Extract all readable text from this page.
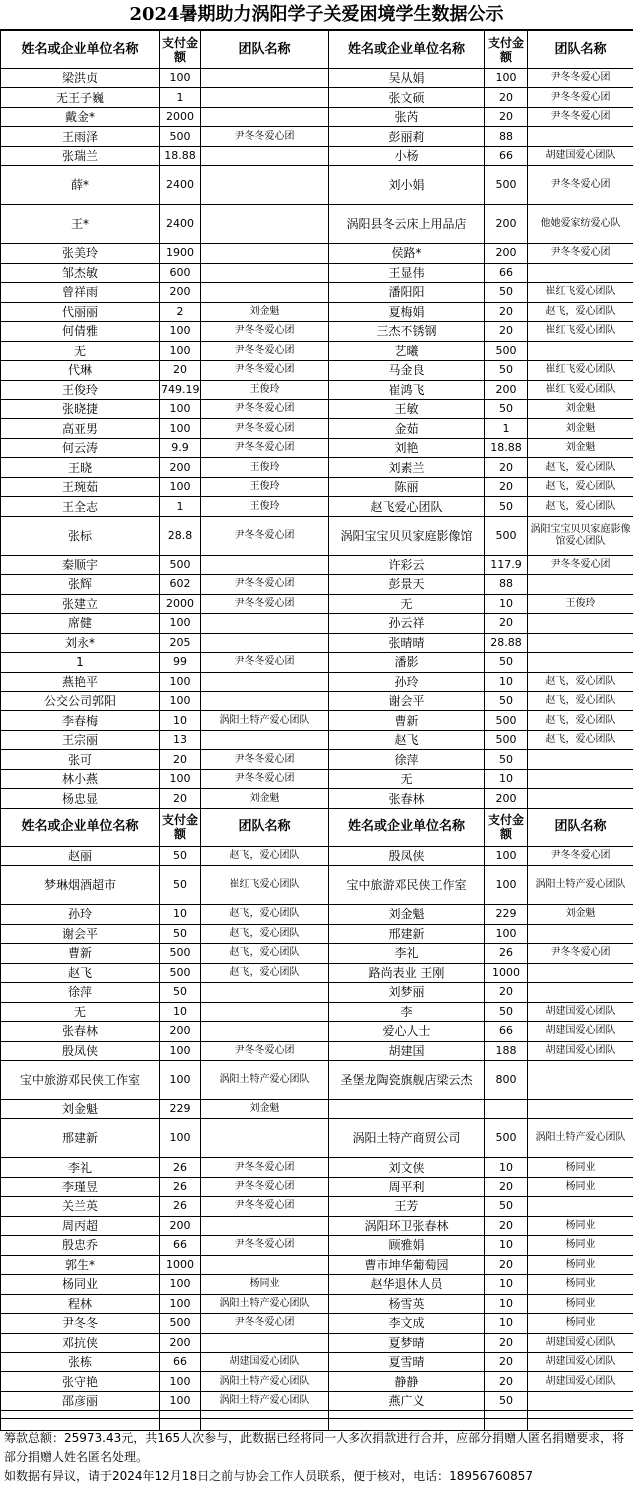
2024暑期助力涡阳学子关爱困境学生数据公示
姓名或企业单位名称	支付金额	团队名称	姓名或企业单位名称	支付金额	团队名称
梁洪贞	100		吴从娟	100	尹冬冬爱心团
无王子巍	1		张文硕	20	尹冬冬爱心团
戴金*	2000		张芮	20	尹冬冬爱心团
王雨泽	500	尹冬冬爱心团	彭丽莉	88	
张瑞兰	18.88		小杨	66	胡建国爱心团队
薛*	2400		刘小娟	500	尹冬冬爱心团
王*	2400		涡阳县冬云床上用品店	200	他她爱家纺爱心队
张美玲	1900		侯路*	200	尹冬冬爱心团
邹杰敏	600		王显伟	66	
曾祥雨	200		潘阳阳	50	崔红飞爱心团队
代丽丽	2	刘金魁	夏梅娟	20	赵飞，爱心团队
何倩雅	100	尹冬冬爱心团	三杰不锈钢	20	崔红飞爱心团队
无	100	尹冬冬爱心团	艺曦	500	
代琳	20	尹冬冬爱心团	马金良	50	崔红飞爱心团队
王俊玲	749.19	王俊玲	崔鸿飞	200	崔红飞爱心团队
张晓捷	100	尹冬冬爱心团	王敏	50	刘金魁
高亚男	100	尹冬冬爱心团	金茹	1	刘金魁
何云涛	9.9	尹冬冬爱心团	刘艳	18.88	刘金魁
王晓	200	王俊玲	刘素兰	20	赵飞，爱心团队
王琬茹	100	王俊玲	陈丽	20	赵飞，爱心团队
王全志	1	王俊玲	赵飞爱心团队	50	赵飞，爱心团队
张标	28.8	尹冬冬爱心团	涡阳宝宝贝贝家庭影像馆	500	涡阳宝宝贝贝家庭影像馆爱心团队
秦顺宇	500		许彩云	117.9	尹冬冬爱心团
张辉	602	尹冬冬爱心团	彭景天	88	
张建立	2000	尹冬冬爱心团	无	10	王俊玲
席健	100		孙云祥	20	
刘永*	205		张晴晴	28.88	
1	99	尹冬冬爱心团	潘影	50	
燕艳平	100		孙玲	10	赵飞，爱心团队
公交公司郭阳	100		谢会平	50	赵飞，爱心团队
李春梅	10	涡阳土特产爱心团队	曹新	500	赵飞，爱心团队
王宗丽	13		赵飞	500	赵飞，爱心团队
张可	20	尹冬冬爱心团	徐萍	50	
林小燕	100	尹冬冬爱心团	无	10	
杨忠显	20	刘金魁	张春林	200	
姓名或企业单位名称	支付金额	团队名称	姓名或企业单位名称	支付金额	团队名称
赵丽	50	赵飞，爱心团队	殷凤侠	100	尹冬冬爱心团
梦琳烟酒超市	50	崔红飞爱心团队	宝中旅游邓民侠工作室	100	涡阳土特产爱心团队
孙玲	10	赵飞，爱心团队	刘金魁	229	刘金魁
谢会平	50	赵飞，爱心团队	邢建新	100	
曹新	500	赵飞，爱心团队	李礼	26	尹冬冬爱心团
赵飞	500	赵飞，爱心团队	路尚表业 王刚	1000	
徐萍	50		刘梦丽	20	
无	10		李	50	胡建国爱心团队
张春林	200		爱心人士	66	胡建国爱心团队
殷凤侠	100	尹冬冬爱心团	胡建国	188	胡建国爱心团队
宝中旅游邓民侠工作室	100	涡阳土特产爱心团队	圣堡龙陶瓷旗舰店梁云杰	800	
刘金魁	229	刘金魁			
邢建新	100		涡阳土特产商贸公司	500	涡阳土特产爱心团队
李礼	26	尹冬冬爱心团	刘文侠	10	杨同业
李瑾昱	26	尹冬冬爱心团	周平利	20	杨同业
关兰英	26	尹冬冬爱心团	王芳	50	
周丙超	200		涡阳环卫张春林	20	杨同业
殷忠乔	66	尹冬冬爱心团	顾雅娟	10	杨同业
郭生*	1000		曹市坤华葡萄园	20	杨同业
杨同业	100	杨同业	赵华退休人员	10	杨同业
程林	100	涡阳土特产爱心团队	杨雪英	10	杨同业
尹冬冬	500	尹冬冬爱心团	李文成	10	杨同业
邓抗侠	200		夏梦晴	20	胡建国爱心团队
张栋	66	胡建国爱心团队	夏雪晴	20	胡建国爱心团队
张守艳	100	涡阳土特产爱心团队	静静	20	胡建国爱心团队
邵彦丽	100	涡阳土特产爱心团队	燕广义	50	

筹款总额：25973.43元，共165人次参与，此数据已经将同一人多次捐款进行合并，应部分捐赠人匿名捐赠要求，将部分捐赠人姓名匿名处理。
如数据有异议，请于2024年12月18日之前与协会工作人员联系，便于核对，电话：18956760857
